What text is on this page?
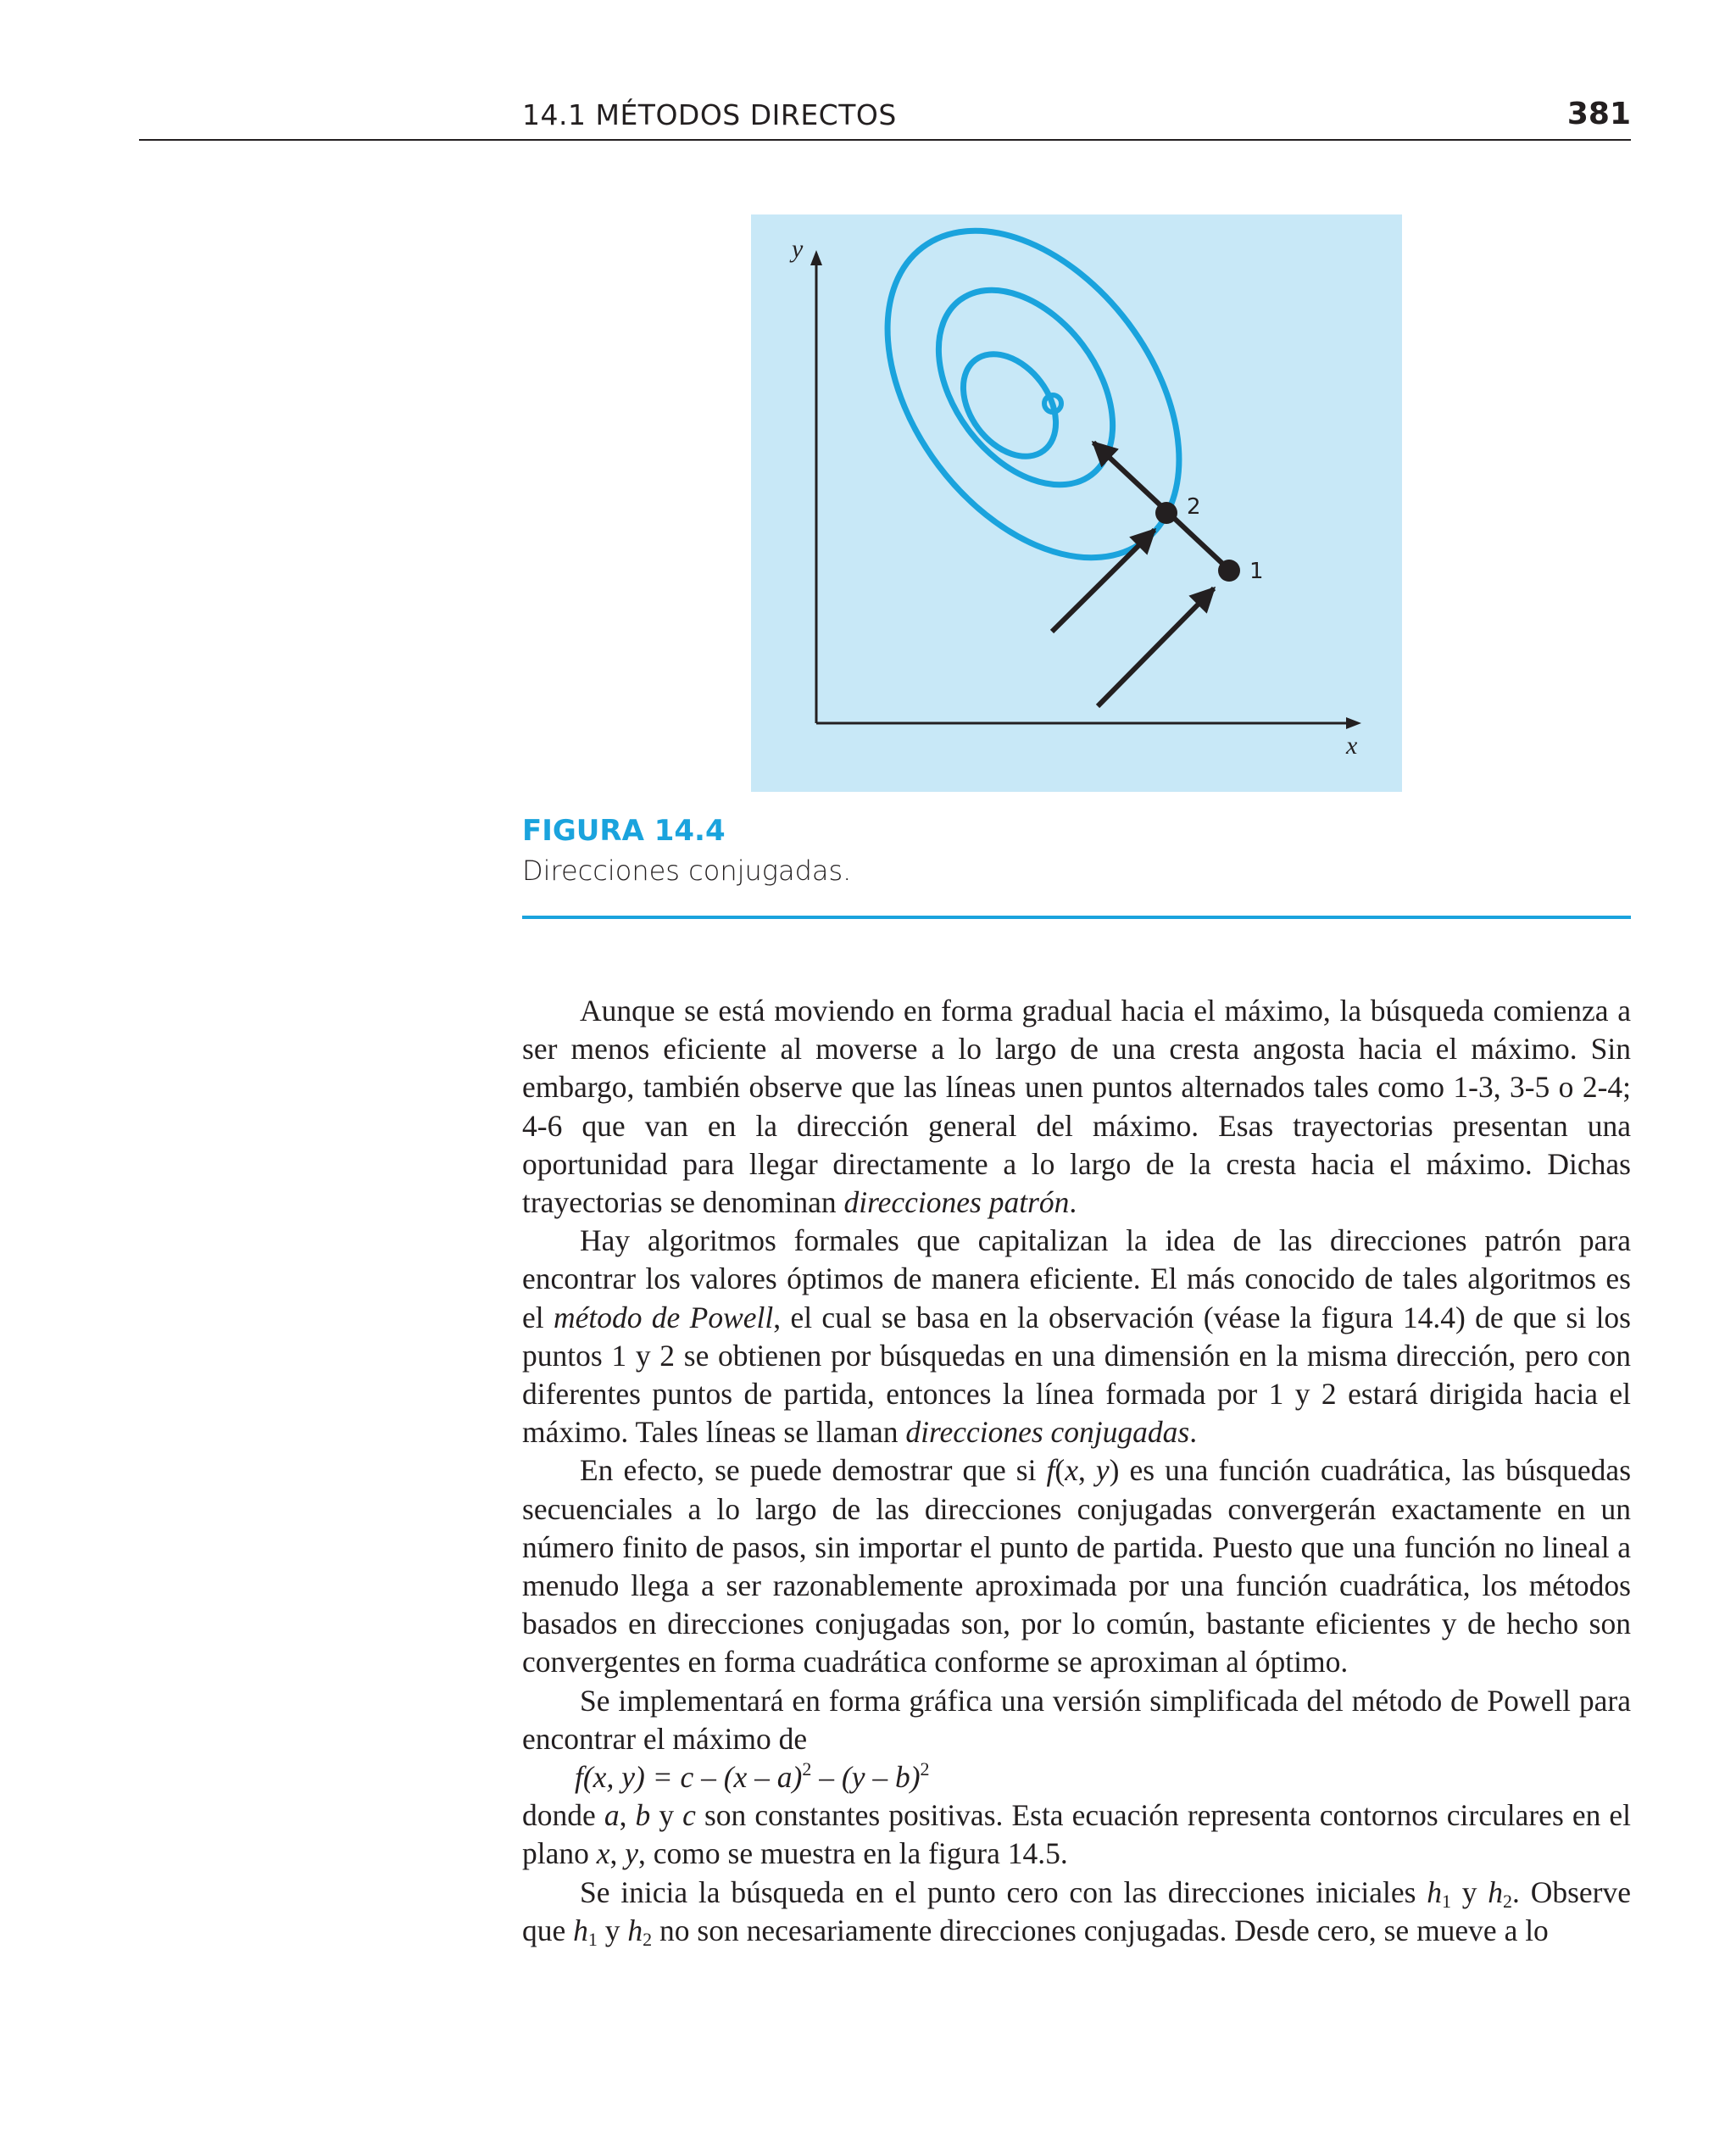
14.1 MÉTODOS DIRECTOS	381
y
x
2
1
FIGURA 14.4
Direcciones conjugadas.

Aunque se está moviendo en forma gradual hacia el máximo, la búsqueda comienza a ser menos eficiente al moverse a lo largo de una cresta angosta hacia el máximo. Sin embargo, también observe que las líneas unen puntos alternados tales como 1-3, 3-5 o 2-4; 4-6 que van en la dirección general del máximo. Esas trayectorias presentan una oportunidad para llegar directamente a lo largo de la cresta hacia el máximo. Dichas trayectorias se denominan direcciones patrón.

Hay algoritmos formales que capitalizan la idea de las direcciones patrón para encontrar los valores óptimos de manera eficiente. El más conocido de tales algoritmos es el método de Powell, el cual se basa en la observación (véase la figura 14.4) de que si los puntos 1 y 2 se obtienen por búsquedas en una dimensión en la misma dirección, pero con diferentes puntos de partida, entonces la línea formada por 1 y 2 estará dirigida hacia el máximo. Tales líneas se llaman direcciones conjugadas.

En efecto, se puede demostrar que si f(x, y) es una función cuadrática, las búsquedas secuenciales a lo largo de las direcciones conjugadas convergerán exactamente en un número finito de pasos, sin importar el punto de partida. Puesto que una función no lineal a menudo llega a ser razonablemente aproximada por una función cuadrática, los métodos basados en direcciones conjugadas son, por lo común, bastante eficientes y de hecho son convergentes en forma cuadrática conforme se aproximan al óptimo.

Se implementará en forma gráfica una versión simplificada del método de Powell para encontrar el máximo de

f(x, y) = c – (x – a)$^2$ – (y – b)$^2$

donde a, b y c son constantes positivas. Esta ecuación representa contornos circulares en el plano x, y, como se muestra en la figura 14.5.

Se inicia la búsqueda en el punto cero con las direcciones iniciales $h_1$ y $h_2$. Observe que $h_1$ y $h_2$ no son necesariamente direcciones conjugadas. Desde cero, se mueve a lo
